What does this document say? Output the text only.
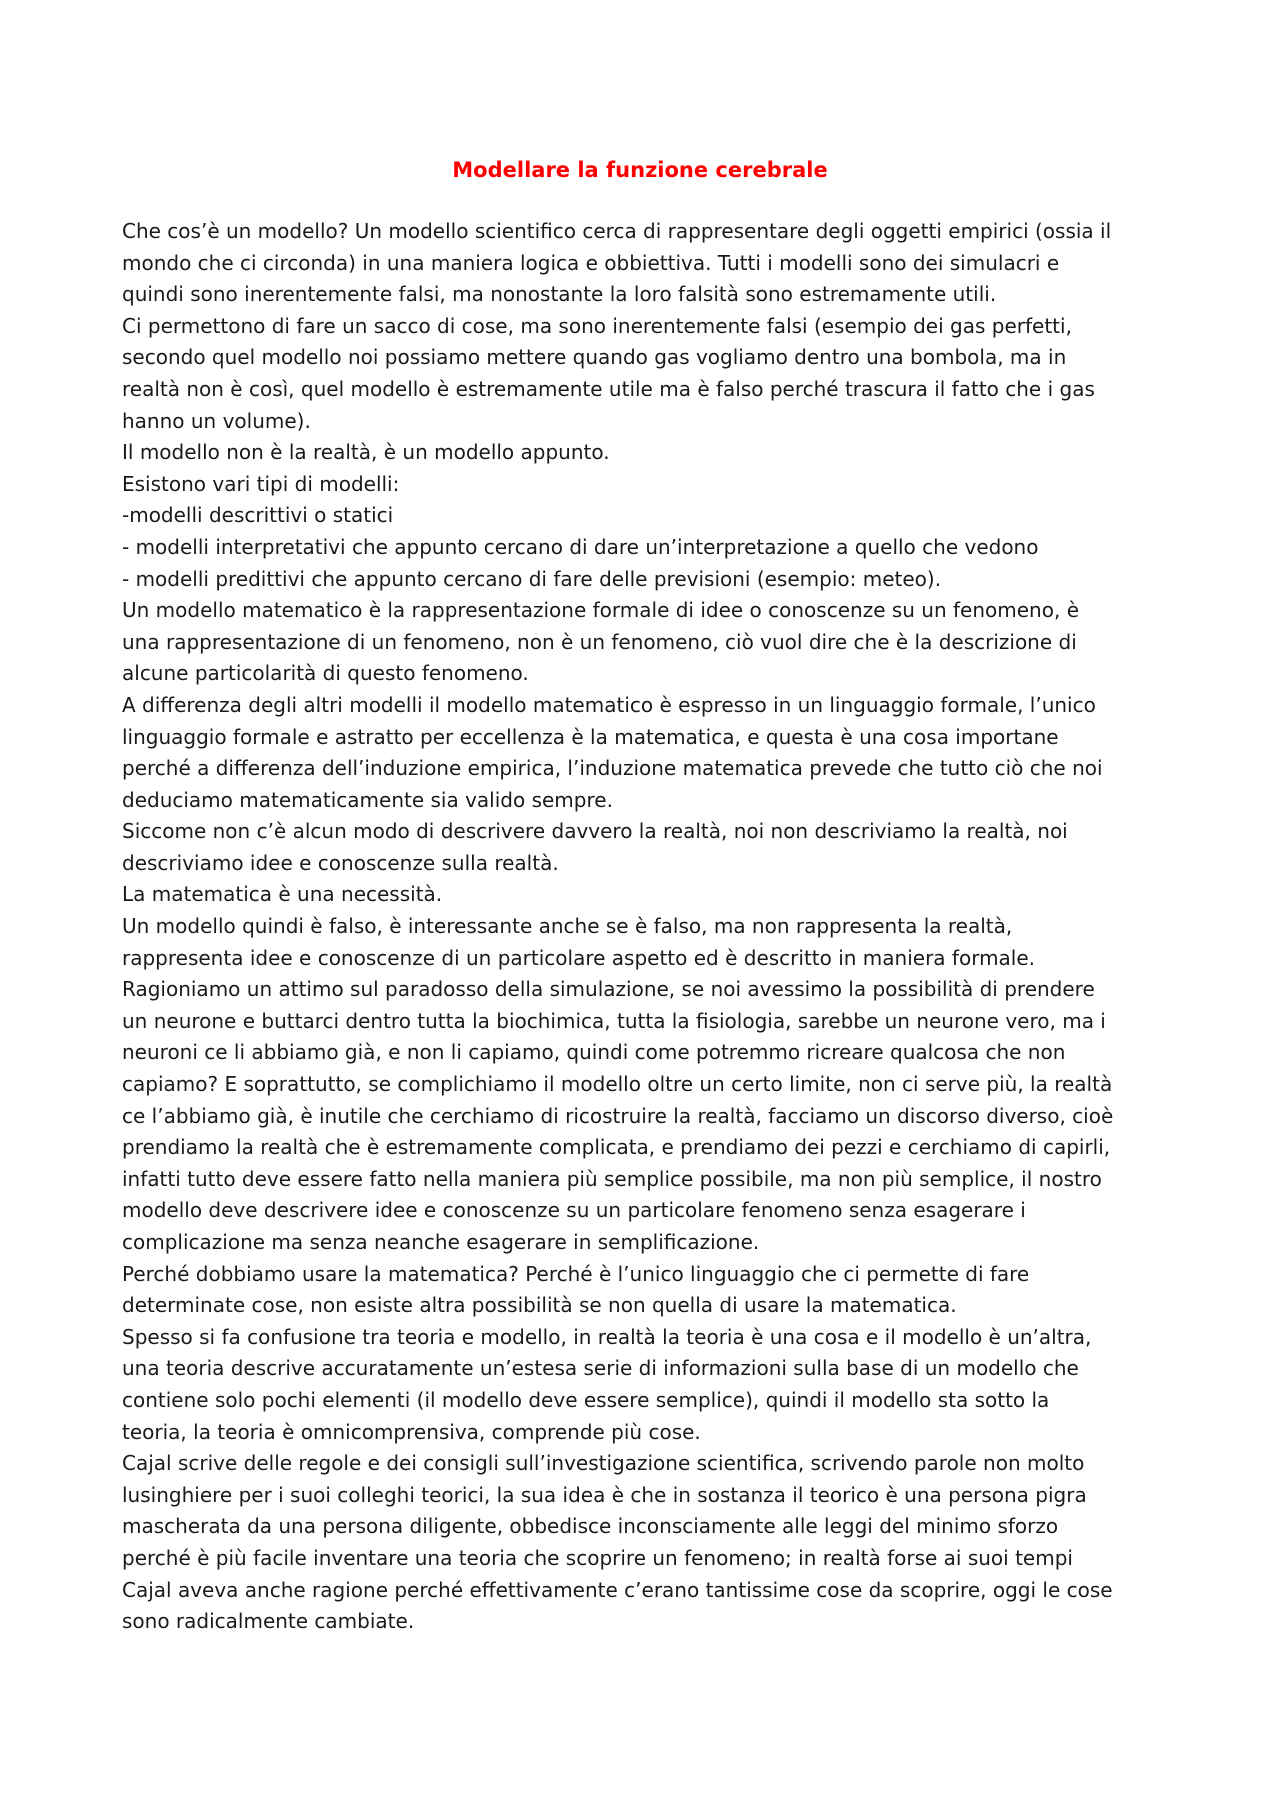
Modellare la funzione cerebrale

Che cos’è un modello? Un modello scientifico cerca di rappresentare degli oggetti empirici (ossia il

mondo che ci circonda) in una maniera logica e obbiettiva. Tutti i modelli sono dei simulacri e

quindi sono inerentemente falsi, ma nonostante la loro falsità sono estremamente utili.

Ci permettono di fare un sacco di cose, ma sono inerentemente falsi (esempio dei gas perfetti,

secondo quel modello noi possiamo mettere quando gas vogliamo dentro una bombola, ma in

realtà non è così, quel modello è estremamente utile ma è falso perché trascura il fatto che i gas

hanno un volume).

Il modello non è la realtà, è un modello appunto.

Esistono vari tipi di modelli:

-modelli descrittivi o statici

- modelli interpretativi che appunto cercano di dare un’interpretazione a quello che vedono

- modelli predittivi che appunto cercano di fare delle previsioni (esempio: meteo).

Un modello matematico è la rappresentazione formale di idee o conoscenze su un fenomeno, è

una rappresentazione di un fenomeno, non è un fenomeno, ciò vuol dire che è la descrizione di

alcune particolarità di questo fenomeno.

A differenza degli altri modelli il modello matematico è espresso in un linguaggio formale, l’unico

linguaggio formale e astratto per eccellenza è la matematica, e questa è una cosa importane

perché a differenza dell’induzione empirica, l’induzione matematica prevede che tutto ciò che noi

deduciamo matematicamente sia valido sempre.

Siccome non c’è alcun modo di descrivere davvero la realtà, noi non descriviamo la realtà, noi

descriviamo idee e conoscenze sulla realtà.

La matematica è una necessità.

Un modello quindi è falso, è interessante anche se è falso, ma non rappresenta la realtà,

rappresenta idee e conoscenze di un particolare aspetto ed è descritto in maniera formale.

Ragioniamo un attimo sul paradosso della simulazione, se noi avessimo la possibilità di prendere

un neurone e buttarci dentro tutta la biochimica, tutta la fisiologia, sarebbe un neurone vero, ma i

neuroni ce li abbiamo già, e non li capiamo, quindi come potremmo ricreare qualcosa che non

capiamo? E soprattutto, se complichiamo il modello oltre un certo limite, non ci serve più, la realtà

ce l’abbiamo già, è inutile che cerchiamo di ricostruire la realtà, facciamo un discorso diverso, cioè

prendiamo la realtà che è estremamente complicata, e prendiamo dei pezzi e cerchiamo di capirli,

infatti tutto deve essere fatto nella maniera più semplice possibile, ma non più semplice, il nostro

modello deve descrivere idee e conoscenze su un particolare fenomeno senza esagerare i

complicazione ma senza neanche esagerare in semplificazione.

Perché dobbiamo usare la matematica? Perché è l’unico linguaggio che ci permette di fare

determinate cose, non esiste altra possibilità se non quella di usare la matematica.

Spesso si fa confusione tra teoria e modello, in realtà la teoria è una cosa e il modello è un’altra,

una teoria descrive accuratamente un’estesa serie di informazioni sulla base di un modello che

contiene solo pochi elementi (il modello deve essere semplice), quindi il modello sta sotto la

teoria, la teoria è omnicomprensiva, comprende più cose.

Cajal scrive delle regole e dei consigli sull’investigazione scientifica, scrivendo parole non molto

lusinghiere per i suoi colleghi teorici, la sua idea è che in sostanza il teorico è una persona pigra

mascherata da una persona diligente, obbedisce inconsciamente alle leggi del minimo sforzo

perché è più facile inventare una teoria che scoprire un fenomeno; in realtà forse ai suoi tempi

Cajal aveva anche ragione perché effettivamente c’erano tantissime cose da scoprire, oggi le cose

sono radicalmente cambiate.
